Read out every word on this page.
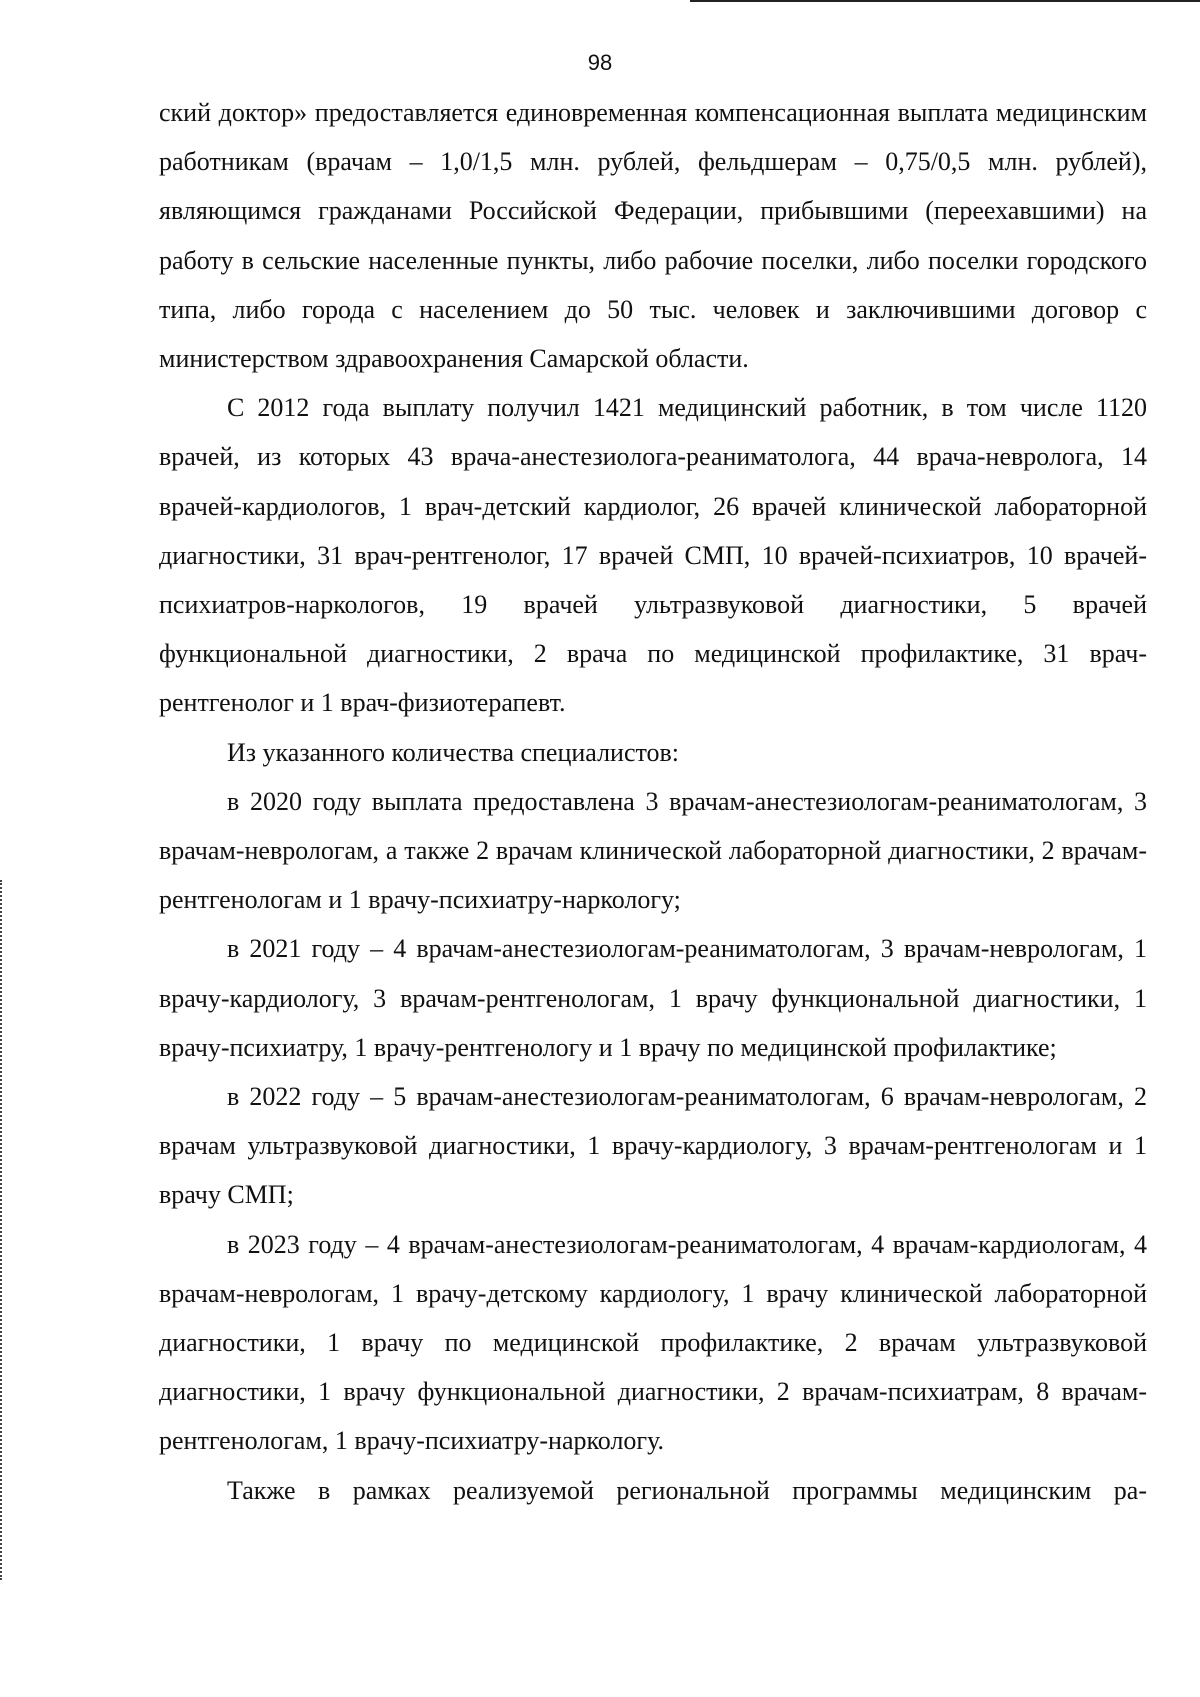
98

ский доктор» предоставляется единовременная компенсационная выплата медицинским работникам (врачам – 1,0/1,5 млн. рублей, фельдшерам – 0,75/0,5 млн. рублей), являющимся гражданами Российской Федерации, прибывшими (переехавшими) на работу в сельские населенные пункты, либо рабочие поселки, либо поселки городского типа, либо города с населением до 50 тыс. человек и заключившими договор с министерством здравоохранения Самарской области.

С 2012 года выплату получил 1421 медицинский работник, в том числе 1120 врачей, из которых 43 врача-анестезиолога-реаниматолога, 44 врача-невролога, 14 врачей-кардиологов, 1 врач-детский кардиолог, 26 врачей клинической лабораторной диагностики, 31 врач-рентгенолог, 17 врачей СМП, 10 врачей-психиатров, 10 врачей-психиатров-наркологов, 19 врачей ультразвуковой диагностики, 5 врачей функциональной диагностики, 2 врача по медицинской профилактике, 31 врач-рентгенолог и 1 врач-физиотерапевт.

Из указанного количества специалистов:

в 2020 году выплата предоставлена 3 врачам-анестезиологам-реаниматологам, 3 врачам-неврологам, а также 2 врачам клинической лабораторной диагностики, 2 врачам-рентгенологам и 1 врачу-психиатру-наркологу;

в 2021 году – 4 врачам-анестезиологам-реаниматологам, 3 врачам-неврологам, 1 врачу-кардиологу, 3 врачам-рентгенологам, 1 врачу функциональной диагностики, 1 врачу-психиатру, 1 врачу-рентгенологу и 1 врачу по медицинской профилактике;

в 2022 году – 5 врачам-анестезиологам-реаниматологам, 6 врачам-неврологам, 2 врачам ультразвуковой диагностики, 1 врачу-кардиологу, 3 врачам-рентгенологам и 1 врачу СМП;

в 2023 году – 4 врачам-анестезиологам-реаниматологам, 4 врачам-кардиологам, 4 врачам-неврологам, 1 врачу-детскому кардиологу, 1 врачу клинической лабораторной диагностики, 1 врачу по медицинской профилактике, 2 врачам ультразвуковой диагностики, 1 врачу функциональной диагностики, 2 врачам-психиатрам, 8 врачам-рентгенологам, 1 врачу-психиатру-наркологу.

Также в рамках реализуемой региональной программы медицинским ра-
